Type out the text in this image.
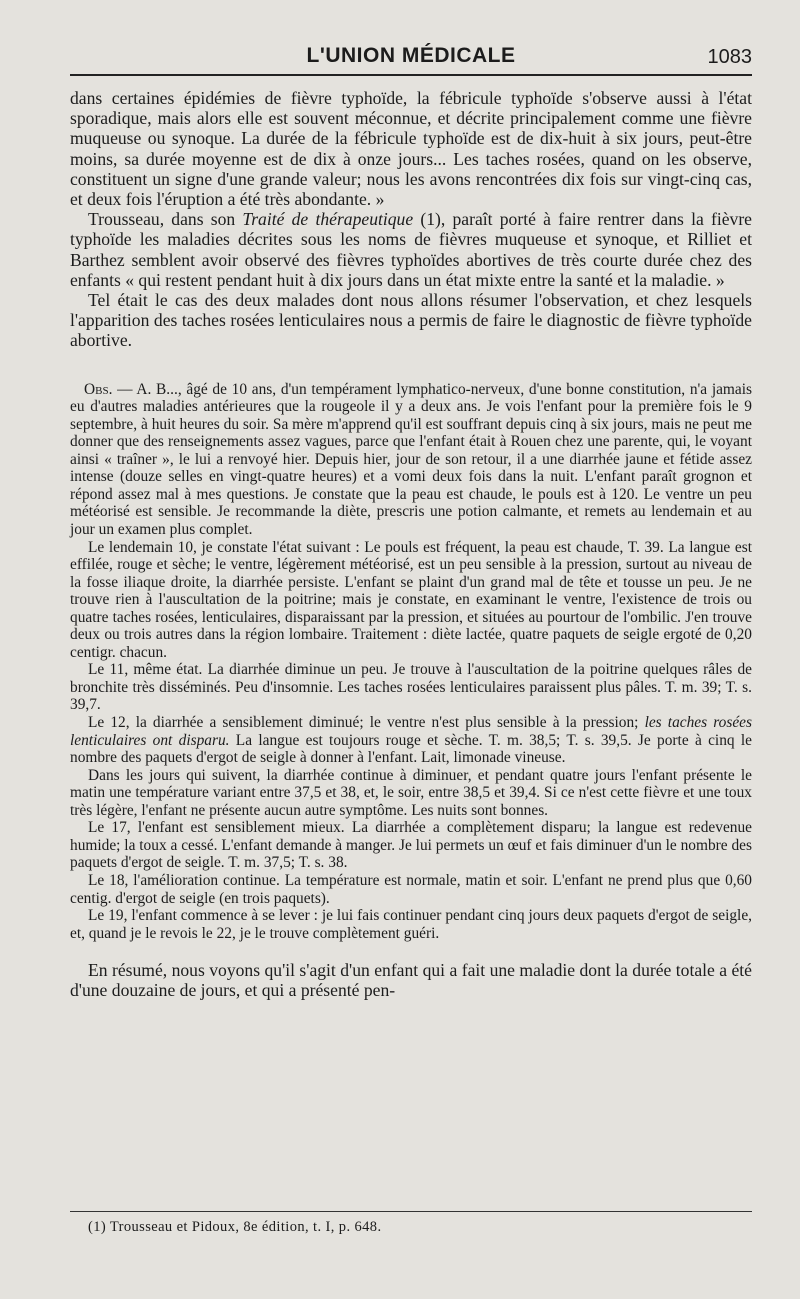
L'UNION MÉDICALE	1083

dans certaines épidémies de fièvre typhoïde, la fébricule typhoïde s'observe aussi à l'état sporadique, mais alors elle est souvent méconnue, et décrite principalement comme une fièvre muqueuse ou synoque. La durée de la fébricule typhoïde est de dix-huit à six jours, peut-être moins, sa durée moyenne est de dix à onze jours... Les taches rosées, quand on les observe, constituent un signe d'une grande valeur; nous les avons rencontrées dix fois sur vingt-cinq cas, et deux fois l'éruption a été très abondante. »

Trousseau, dans son Traité de thérapeutique (1), paraît porté à faire rentrer dans la fièvre typhoïde les maladies décrites sous les noms de fièvres muqueuse et synoque, et Rilliet et Barthez semblent avoir observé des fièvres typhoïdes abortives de très courte durée chez des enfants « qui restent pendant huit à dix jours dans un état mixte entre la santé et la maladie. »

Tel était le cas des deux malades dont nous allons résumer l'observation, et chez lesquels l'apparition des taches rosées lenticulaires nous a permis de faire le diagnostic de fièvre typhoïde abortive.

Obs. — A. B..., âgé de 10 ans, d'un tempérament lymphatico-nerveux, d'une bonne constitution, n'a jamais eu d'autres maladies antérieures que la rougeole il y a deux ans. Je vois l'enfant pour la première fois le 9 septembre, à huit heures du soir. Sa mère m'apprend qu'il est souffrant depuis cinq à six jours, mais ne peut me donner que des renseignements assez vagues, parce que l'enfant était à Rouen chez une parente, qui, le voyant ainsi « traîner », le lui a renvoyé hier. Depuis hier, jour de son retour, il a une diarrhée jaune et fétide assez intense (douze selles en vingt-quatre heures) et a vomi deux fois dans la nuit. L'enfant paraît grognon et répond assez mal à mes questions. Je constate que la peau est chaude, le pouls est à 120. Le ventre un peu météorisé est sensible. Je recommande la diète, prescris une potion calmante, et remets au lendemain et au jour un examen plus complet.

Le lendemain 10, je constate l'état suivant : Le pouls est fréquent, la peau est chaude, T. 39. La langue est effilée, rouge et sèche; le ventre, légèrement météorisé, est un peu sensible à la pression, surtout au niveau de la fosse iliaque droite, la diarrhée persiste. L'enfant se plaint d'un grand mal de tête et tousse un peu. Je ne trouve rien à l'auscultation de la poitrine; mais je constate, en examinant le ventre, l'existence de trois ou quatre taches rosées, lenticulaires, disparaissant par la pression, et situées au pourtour de l'ombilic. J'en trouve deux ou trois autres dans la région lombaire. Traitement : diète lactée, quatre paquets de seigle ergoté de 0,20 centigr. chacun.

Le 11, même état. La diarrhée diminue un peu. Je trouve à l'auscultation de la poitrine quelques râles de bronchite très disséminés. Peu d'insomnie. Les taches rosées lenticulaires paraissent plus pâles. T. m. 39; T. s. 39,7.

Le 12, la diarrhée a sensiblement diminué; le ventre n'est plus sensible à la pression; les taches rosées lenticulaires ont disparu. La langue est toujours rouge et sèche. T. m. 38,5; T. s. 39,5. Je porte à cinq le nombre des paquets d'ergot de seigle à donner à l'enfant. Lait, limonade vineuse.

Dans les jours qui suivent, la diarrhée continue à diminuer, et pendant quatre jours l'enfant présente le matin une température variant entre 37,5 et 38, et, le soir, entre 38,5 et 39,4. Si ce n'est cette fièvre et une toux très légère, l'enfant ne présente aucun autre symptôme. Les nuits sont bonnes.

Le 17, l'enfant est sensiblement mieux. La diarrhée a complètement disparu; la langue est redevenue humide; la toux a cessé. L'enfant demande à manger. Je lui permets un œuf et fais diminuer d'un le nombre des paquets d'ergot de seigle. T. m. 37,5; T. s. 38.

Le 18, l'amélioration continue. La température est normale, matin et soir. L'enfant ne prend plus que 0,60 centig. d'ergot de seigle (en trois paquets).

Le 19, l'enfant commence à se lever : je lui fais continuer pendant cinq jours deux paquets d'ergot de seigle, et, quand je le revois le 22, je le trouve complètement guéri.

En résumé, nous voyons qu'il s'agit d'un enfant qui a fait une maladie dont la durée totale a été d'une douzaine de jours, et qui a présenté pen-

(1) Trousseau et Pidoux, 8e édition, t. I, p. 648.
